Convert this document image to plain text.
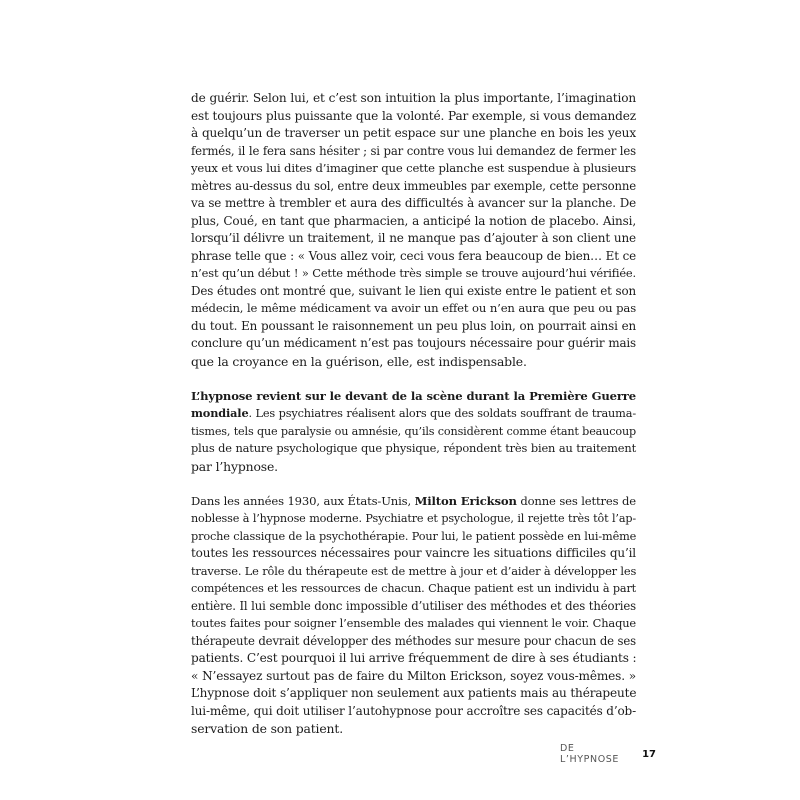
de guérir. Selon lui, et c’est son intuition la plus importante, l’imagination
est toujours plus puissante que la volonté. Par exemple, si vous demandez
à quelqu’un de traverser un petit espace sur une planche en bois les yeux
fermés, il le fera sans hésiter ; si par contre vous lui demandez de fermer les
yeux et vous lui dites d’imaginer que cette planche est suspendue à plusieurs
mètres au-dessus du sol, entre deux immeubles par exemple, cette personne
va se mettre à trembler et aura des difficultés à avancer sur la planche. De
plus, Coué, en tant que pharmacien, a anticipé la notion de placebo. Ainsi,
lorsqu’il délivre un traitement, il ne manque pas d’ajouter à son client une
phrase telle que : « Vous allez voir, ceci vous fera beaucoup de bien… Et ce
n’est qu’un début ! » Cette méthode très simple se trouve aujourd’hui vérifiée.
Des études ont montré que, suivant le lien qui existe entre le patient et son
médecin, le même médicament va avoir un effet ou n’en aura que peu ou pas
du tout. En poussant le raisonnement un peu plus loin, on pourrait ainsi en
conclure qu’un médicament n’est pas toujours nécessaire pour guérir mais
que la croyance en la guérison, elle, est indispensable.
L’hypnose revient sur le devant de la scène durant la Première Guerre
mondiale. Les psychiatres réalisent alors que des soldats souffrant de trauma-
tismes, tels que paralysie ou amnésie, qu’ils considèrent comme étant beaucoup
plus de nature psychologique que physique, répondent très bien au traitement
par l’hypnose.
Dans les années 1930, aux États-Unis, Milton Erickson donne ses lettres de
noblesse à l’hypnose moderne. Psychiatre et psychologue, il rejette très tôt l’ap-
proche classique de la psychothérapie. Pour lui, le patient possède en lui-même
toutes les ressources nécessaires pour vaincre les situations difficiles qu’il
traverse. Le rôle du thérapeute est de mettre à jour et d’aider à développer les
compétences et les ressources de chacun. Chaque patient est un individu à part
entière. Il lui semble donc impossible d’utiliser des méthodes et des théories
toutes faites pour soigner l’ensemble des malades qui viennent le voir. Chaque
thérapeute devrait développer des méthodes sur mesure pour chacun de ses
patients. C’est pourquoi il lui arrive fréquemment de dire à ses étudiants :
« N’essayez surtout pas de faire du Milton Erickson, soyez vous-mêmes. »
L’hypnose doit s’appliquer non seulement aux patients mais au thérapeute
lui-même, qui doit utiliser l’autohypnose pour accroître ses capacités d’ob-
servation de son patient.
DE L’HYPNOSE	17
